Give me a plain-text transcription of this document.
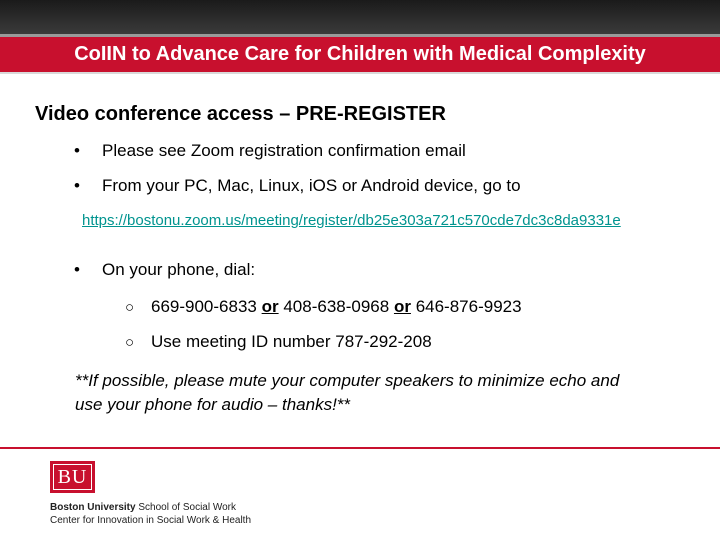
CoIIN to Advance Care for Children with Medical Complexity
Video conference access – PRE-REGISTER
•	Please see Zoom registration confirmation email
•	From your PC, Mac, Linux, iOS or Android device, go to
https://bostonu.zoom.us/meeting/register/db25e303a721c570cde7dc3c8da9331e
•	On your phone, dial:
○ 669-900-6833 or 408-638-0968 or 646-876-9923
○ Use meeting ID number 787-292-208
**If possible, please mute your computer speakers to minimize echo and use your phone for audio – thanks!**
BU
Boston University School of Social Work
Center for Innovation in Social Work & Health
